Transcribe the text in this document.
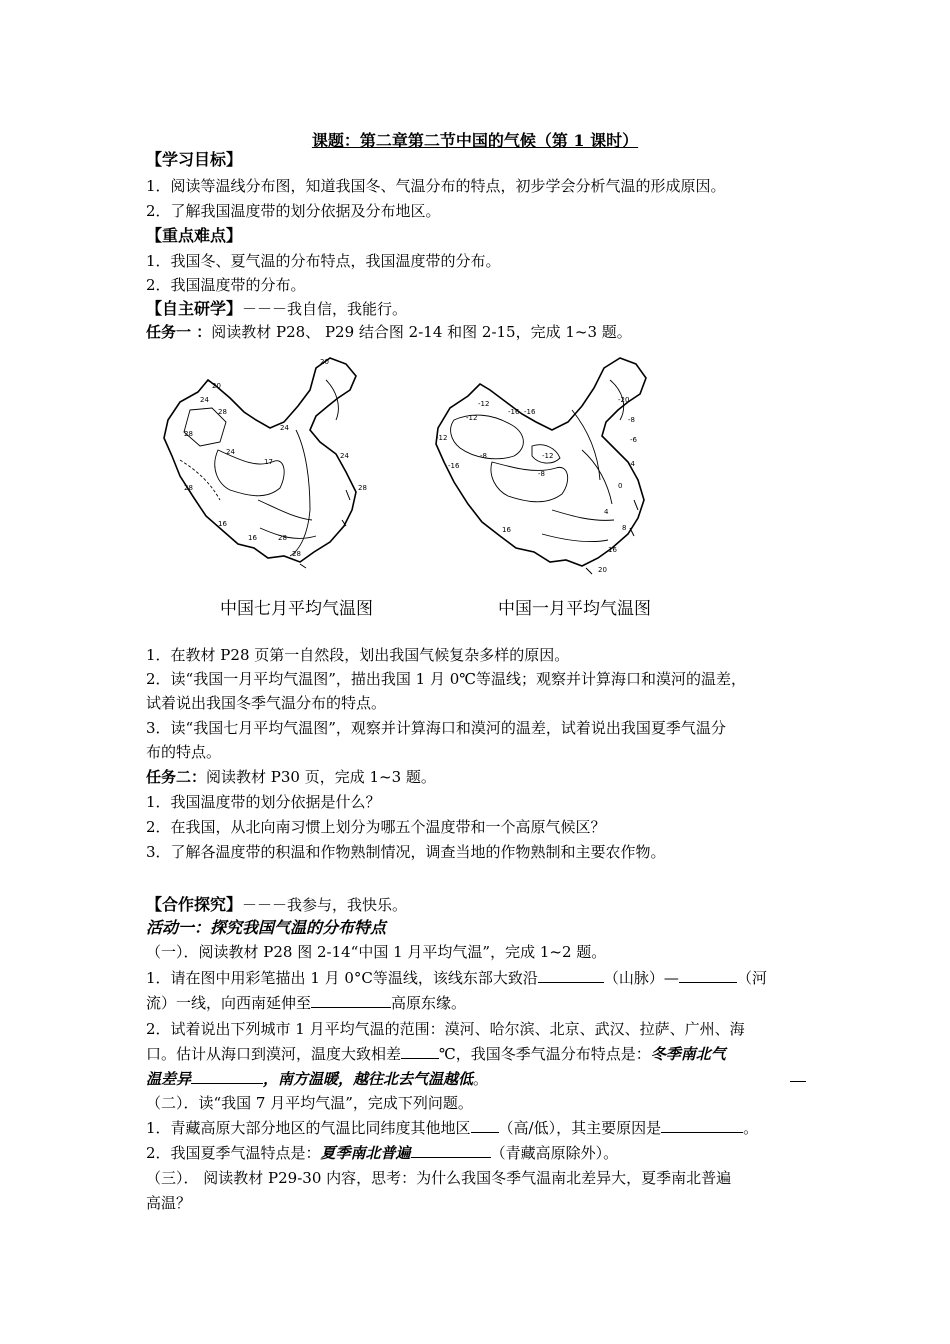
课题：第二章第二节中国的气候（第 1 课时）
【学习目标】
1．阅读等温线分布图，知道我国冬、气温分布的特点，初步学会分析气温的形成原因。
2．了解我国温度带的划分依据及分布地区。
【重点难点】
1．我国冬、夏气温的分布特点，我国温度带的分布。
2．我国温度带的分布。
【自主研学】－－－我自信，我能行。
任务一 ：阅读教材 P28、 P29 结合图 2-14 和图 2-15，完成 1~3 题。
20
20
24
28
24
24
17
28
24
28
28
16
28
28
16
-20
-12
-12
-16 -16
-8	-12
-8
-16
-8
-12
-6
-4
0
4
8
16
16
20
中国七月平均气温图	中国一月平均气温图
1．在教材 P28 页第一自然段，划出我国气候复杂多样的原因。
2．读“我国一月平均气温图”，描出我国 1 月 0℃等温线；观察并计算海口和漠河的温差，
试着说出我国冬季气温分布的特点。
3．读“我国七月平均气温图”，观察并计算海口和漠河的温差，试着说出我国夏季气温分
布的特点。
任务二：阅读教材 P30 页，完成 1~3 题。
1．我国温度带的划分依据是什么？
2．在我国，从北向南习惯上划分为哪五个温度带和一个高原气候区？
3．了解各温度带的积温和作物熟制情况，调查当地的作物熟制和主要农作物。
【合作探究】－－－我参与，我快乐。
活动一：探究我国气温的分布特点
（一）．阅读教材 P28 图 2-14“中国 1 月平均气温”，完成 1~2 题。
1．请在图中用彩笔描出 1 月 0°C等温线，该线东部大致沿	（山脉）—	（河
流）一线，向西南延伸至	高原东缘。
2．试着说出下列城市 1 月平均气温的范围：漠河、哈尔滨、北京、武汉、拉萨、广州、海
口。估计从海口到漠河，温度大致相差	℃，我国冬季气温分布特点是：冬季南北气
温差异	，南方温暖，越往北去气温越低。
（二）．读“我国 7 月平均气温”，完成下列问题。
1．青藏高原大部分地区的气温比同纬度其他地区 （高/低），其主要原因是	。
2．我国夏季气温特点是：夏季南北普遍	（青藏高原除外）。
（三）． 阅读教材 P29-30 内容，思考：为什么我国冬季气温南北差异大，夏季南北普遍
高温？
